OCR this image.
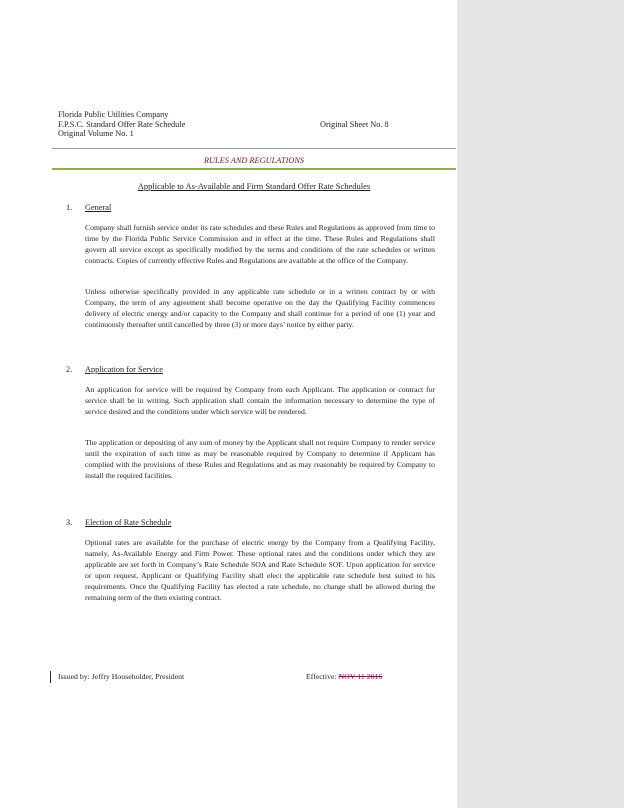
Florida Public Utilities Company
F.P.S.C. Standard Offer Rate Schedule
Original Volume No. 1
Original Sheet No. 8
RULES AND REGULATIONS
Applicable to As-Available and Firm Standard Offer Rate Schedules
1. General

Company shall furnish service under its rate schedules and these Rules and Regulations as approved from time to time by the Florida Public Service Commission and in effect at the time. These Rules and Regulations shall govern all service except as specifically modified by the terms and conditions of the rate schedules or written contracts. Copies of currently effective Rules and Regulations are available at the office of the Company.

Unless otherwise specifically provided in any applicable rate schedule or in a written contract by or with Company, the term of any agreement shall become operative on the day the Qualifying Facility commences delivery of electric energy and/or capacity to the Company and shall continue for a period of one (1) year and continuously thereafter until cancelled by three (3) or more days’ notice by either party.

2. Application for Service

An application for service will be required by Company from each Applicant. The application or contract for service shall be in writing. Such application shall contain the information necessary to determine the type of service desired and the conditions under which service will be rendered.

The application or depositing of any sum of money by the Applicant shall not require Company to render service until the expiration of such time as may be reasonable required by Company to determine if Applicant has complied with the provisions of these Rules and Regulations and as may reasonably be required by Company to install the required facilities.

3. Election of Rate Schedule

Optional rates are available for the purchase of electric energy by the Company from a Qualifying Facility, namely, As-Available Energy and Firm Power. These optional rates and the conditions under which they are applicable are set forth in Company’s Rate Schedule SOA and Rate Schedule SOF. Upon application for service or upon request, Applicant or Qualifying Facility shall elect the applicable rate schedule best suited to his requirements. Once the Qualifying Facility has elected a rate schedule, no change shall be allowed during the remaining term of the then existing contract.

Issued by: Jeffry Householder, President	Effective: NOV 11 2016
